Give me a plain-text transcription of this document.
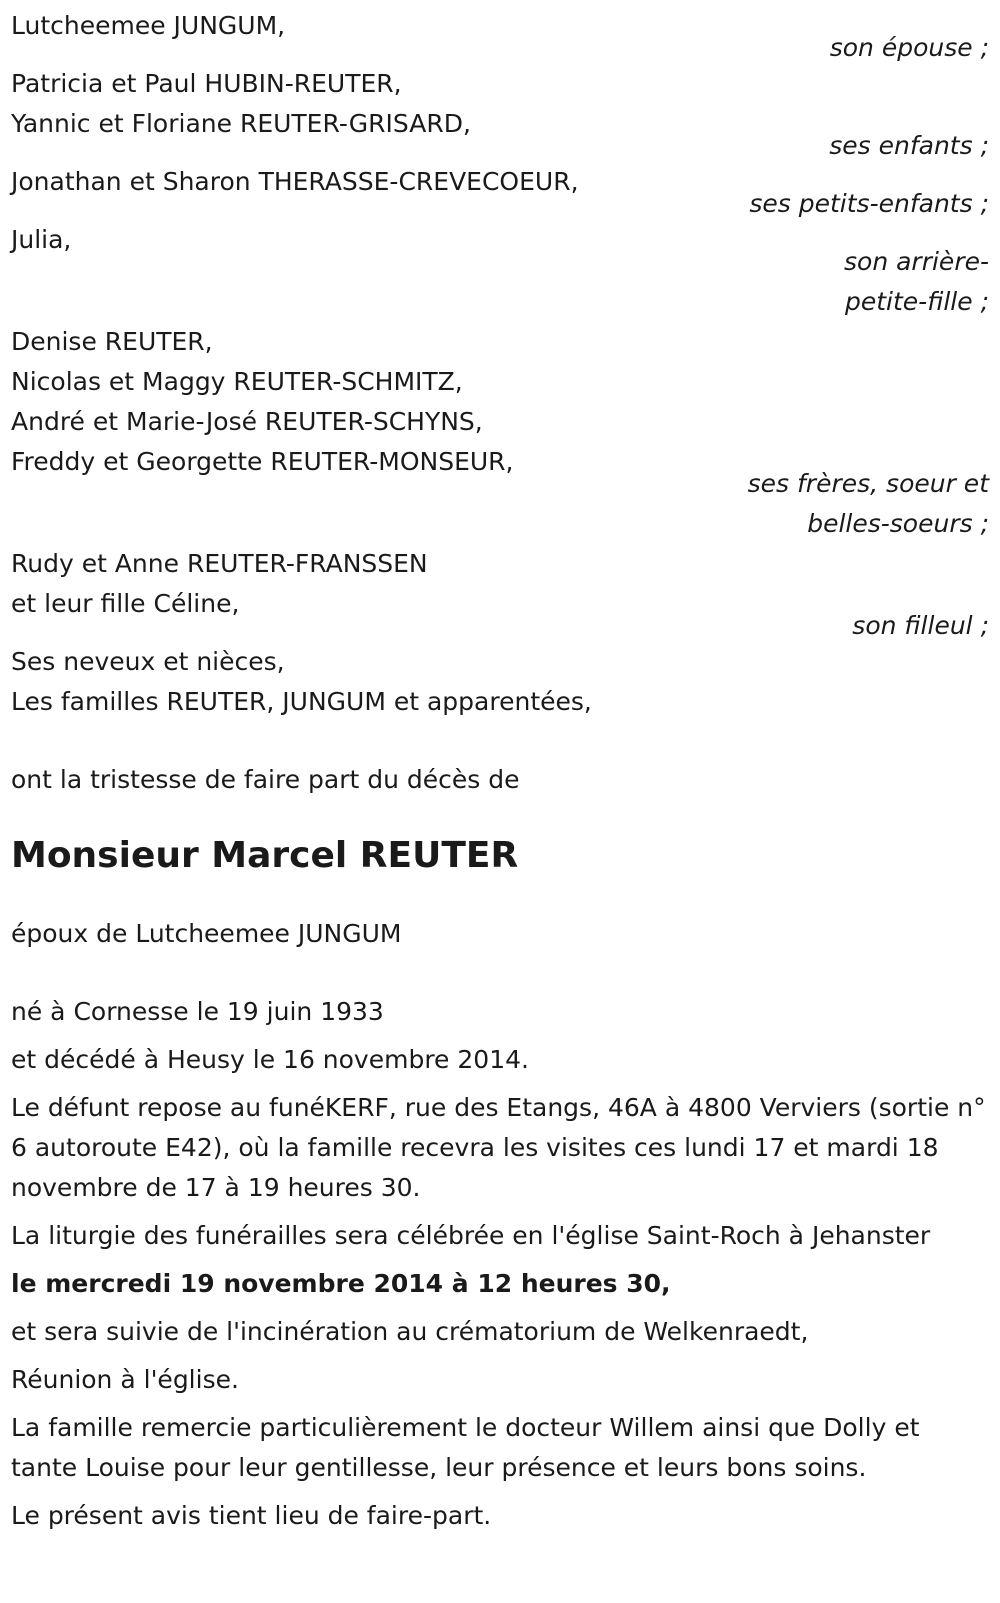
Lutcheemee JUNGUM,
son épouse ;
Patricia et Paul HUBIN-REUTER,
Yannic et Floriane REUTER-GRISARD,
ses enfants ;
Jonathan et Sharon THERASSE-CREVECOEUR,
ses petits-enfants ;
Julia,
son arrière-
petite-fille ;
Denise REUTER,
Nicolas et Maggy REUTER-SCHMITZ,
André et Marie-José REUTER-SCHYNS,
Freddy et Georgette REUTER-MONSEUR,
ses frères, soeur et
belles-soeurs ;
Rudy et Anne REUTER-FRANSSEN
et leur fille Céline,
son filleul ;
Ses neveux et nièces,
Les familles REUTER, JUNGUM et apparentées,
ont la tristesse de faire part du décès de
Monsieur Marcel REUTER
époux de Lutcheemee JUNGUM
né à Cornesse le 19 juin 1933
et décédé à Heusy le 16 novembre 2014.
Le défunt repose au funéKERF, rue des Etangs, 46A à 4800 Verviers (sortie n° 6 autoroute E42), où la famille recevra les visites ces lundi 17 et mardi 18 novembre de 17 à 19 heures 30.
La liturgie des funérailles sera célébrée en l'église Saint-Roch à Jehanster
le mercredi 19 novembre 2014 à 12 heures 30,
et sera suivie de l'incinération au crématorium de Welkenraedt,
Réunion à l'église.
La famille remercie particulièrement le docteur Willem ainsi que Dolly et tante Louise pour leur gentillesse, leur présence et leurs bons soins.
Le présent avis tient lieu de faire-part.
